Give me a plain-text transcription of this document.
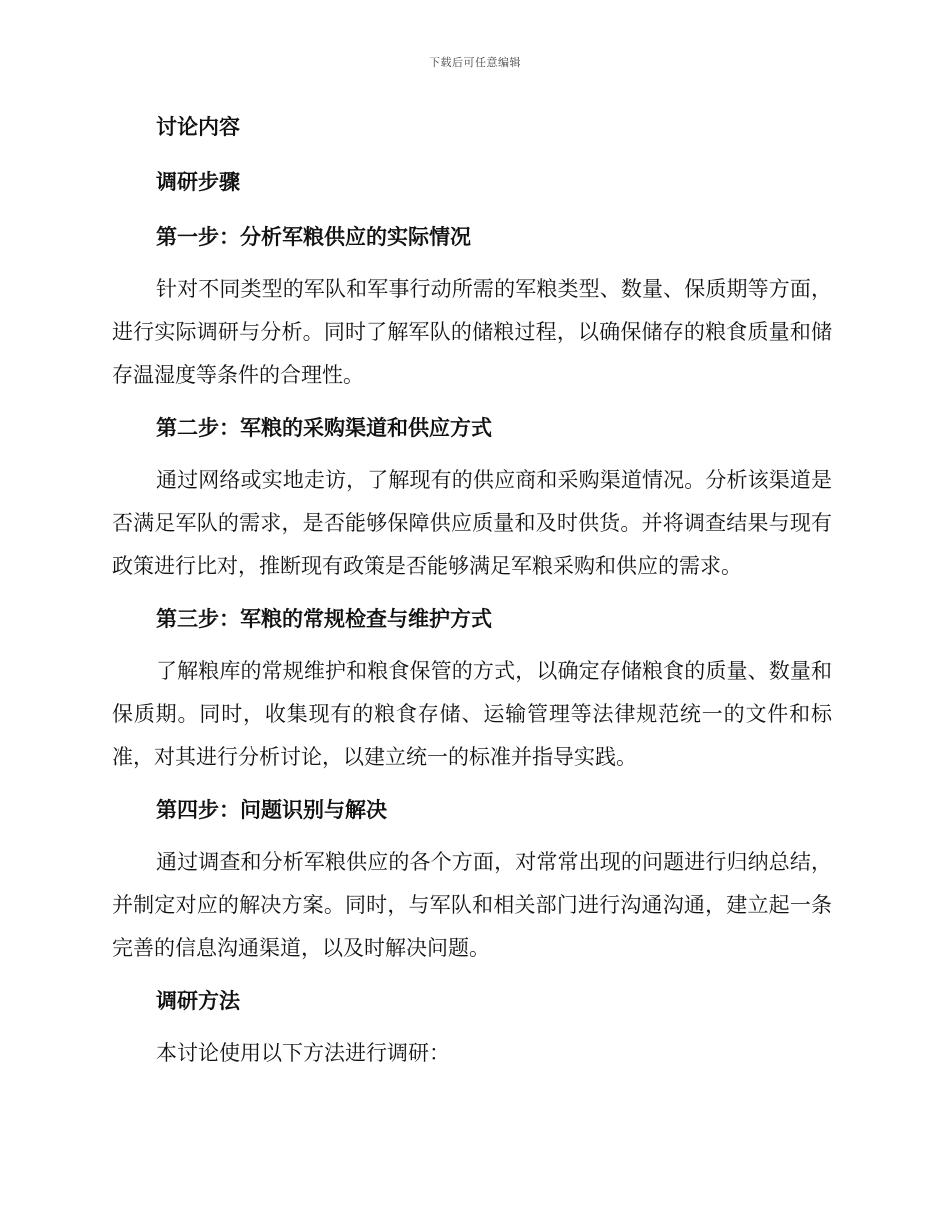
下载后可任意编辑

讨论内容

调研步骤

第一步：分析军粮供应的实际情况

针对不同类型的军队和军事行动所需的军粮类型、数量、保质期等方面，进行实际调研与分析。同时了解军队的储粮过程，以确保储存的粮食质量和储存温湿度等条件的合理性。

第二步：军粮的采购渠道和供应方式

通过网络或实地走访，了解现有的供应商和采购渠道情况。分析该渠道是否满足军队的需求，是否能够保障供应质量和及时供货。并将调查结果与现有政策进行比对，推断现有政策是否能够满足军粮采购和供应的需求。

第三步：军粮的常规检查与维护方式

了解粮库的常规维护和粮食保管的方式，以确定存储粮食的质量、数量和保质期。同时，收集现有的粮食存储、运输管理等法律规范统一的文件和标准，对其进行分析讨论，以建立统一的标准并指导实践。

第四步：问题识别与解决

通过调查和分析军粮供应的各个方面，对常常出现的问题进行归纳总结，并制定对应的解决方案。同时，与军队和相关部门进行沟通沟通，建立起一条完善的信息沟通渠道，以及时解决问题。

调研方法

本讨论使用以下方法进行调研：
